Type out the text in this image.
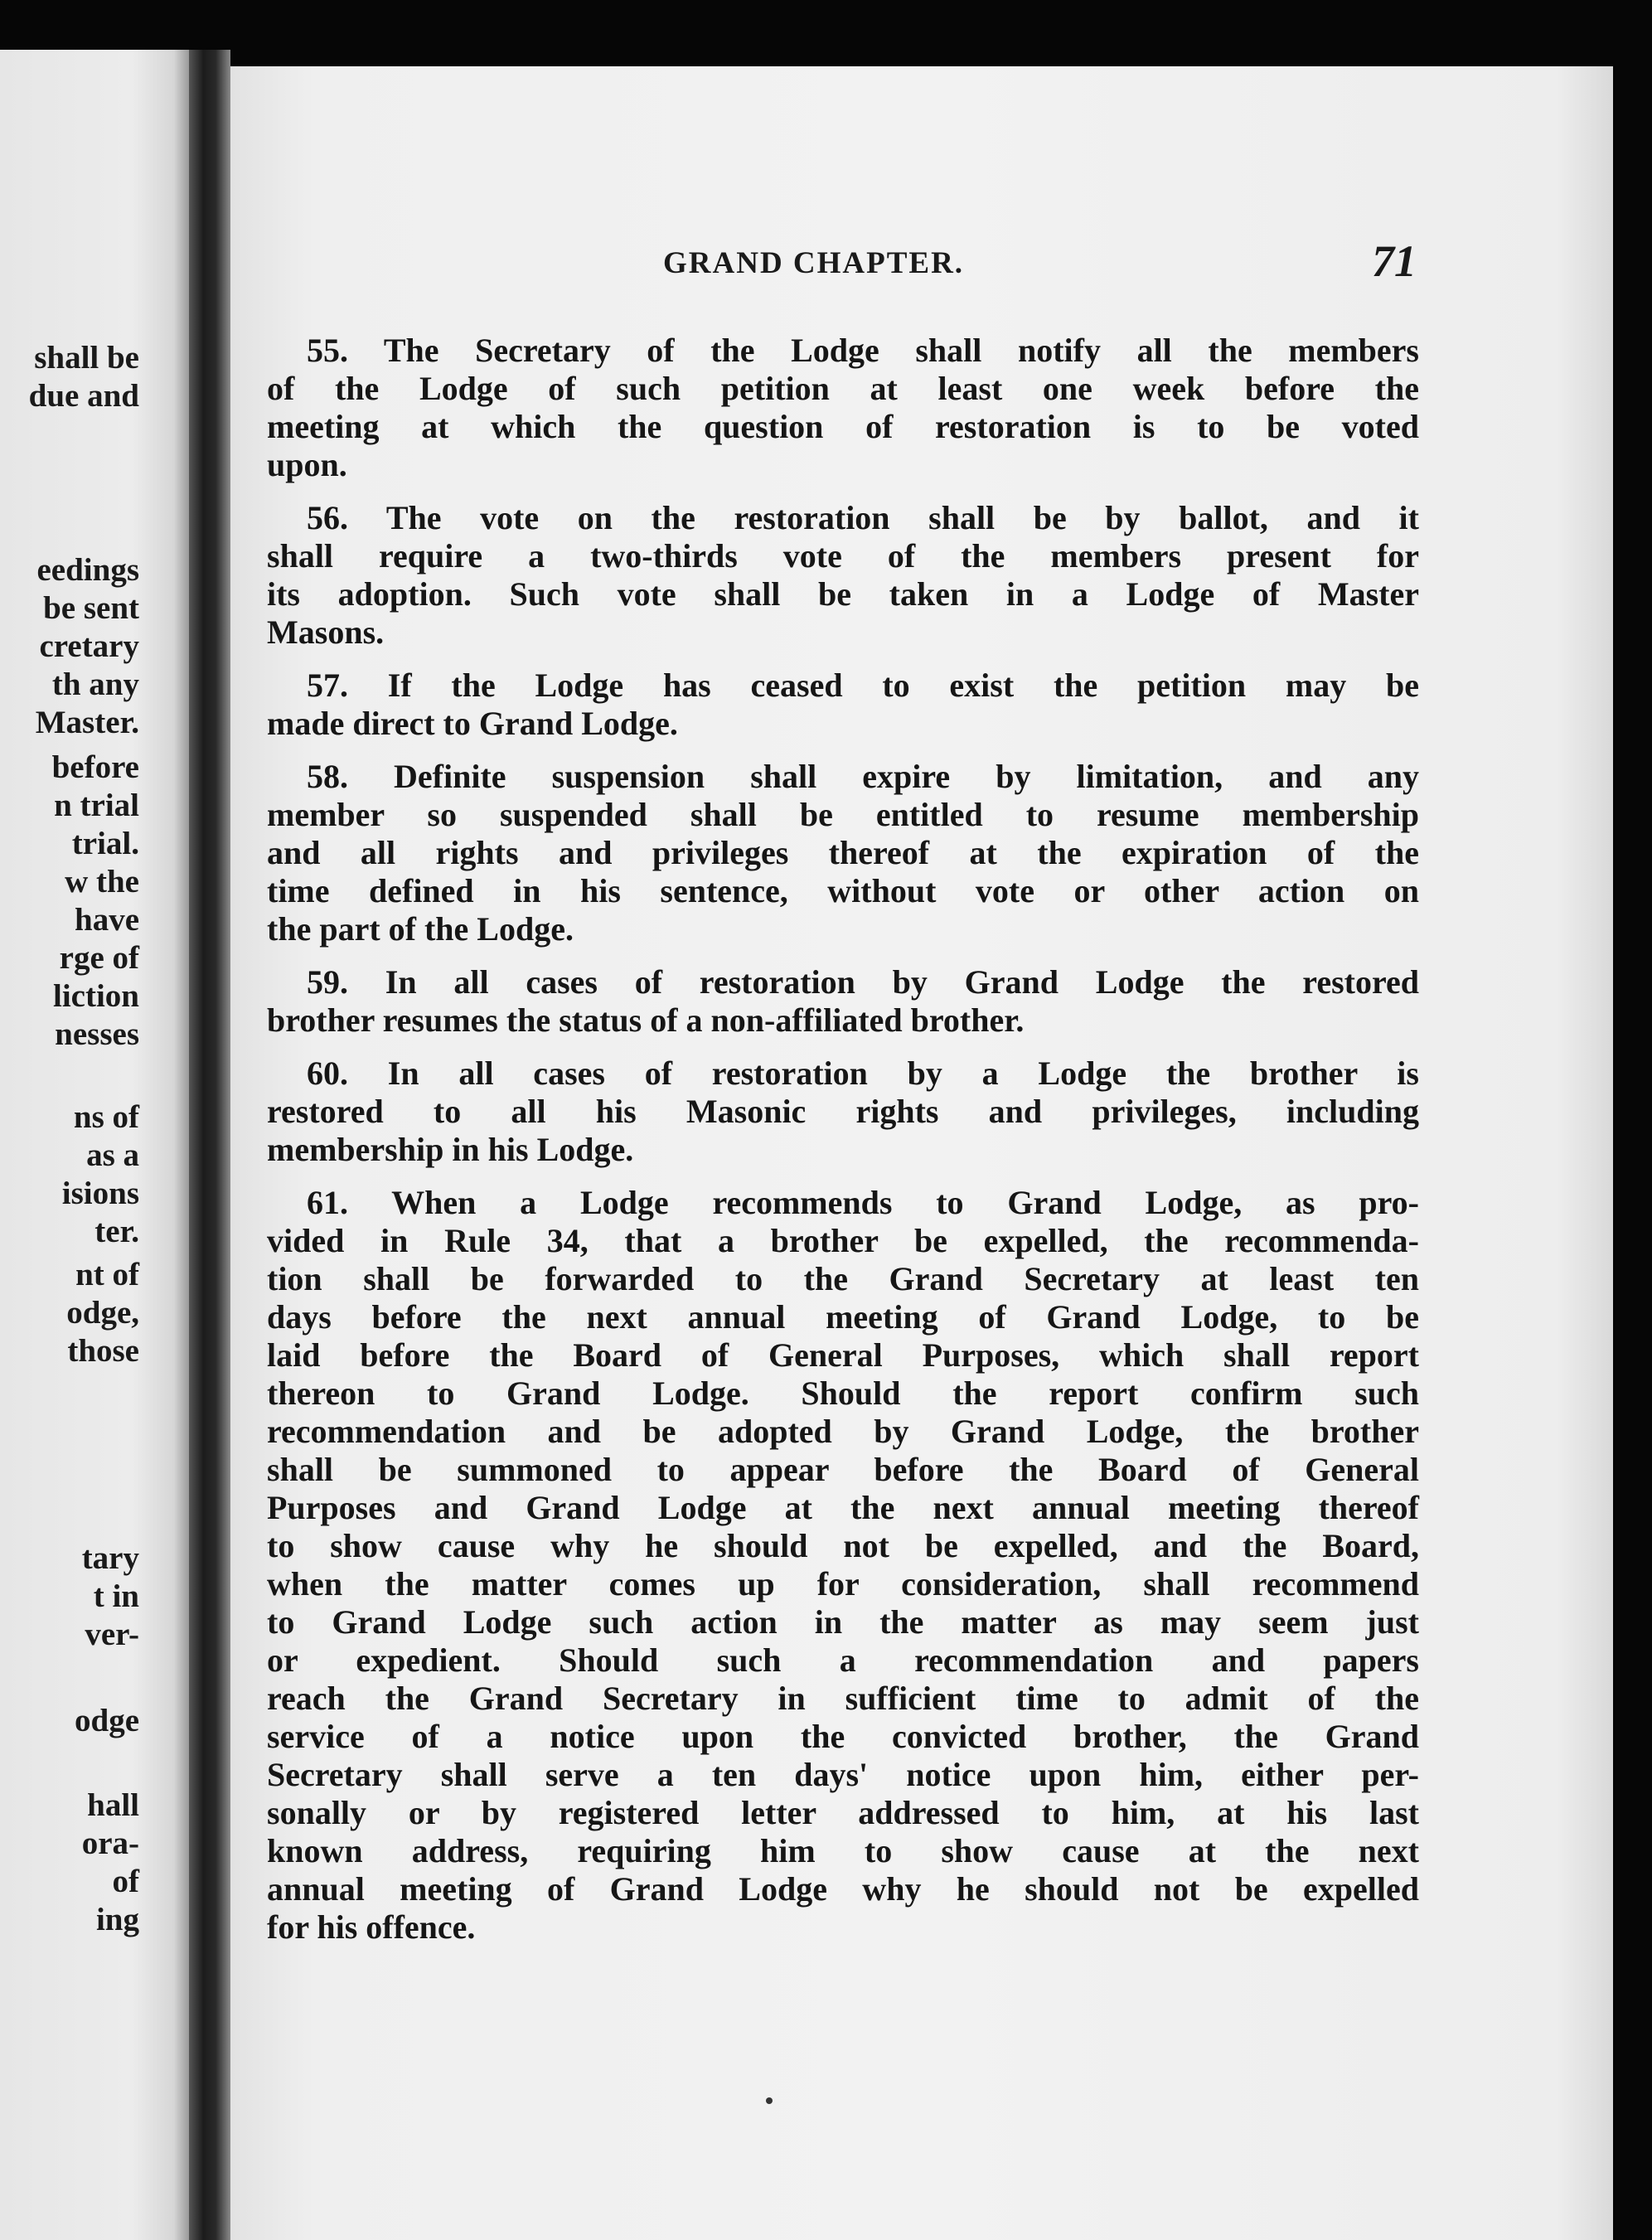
shall be
due and
eedings
be sent
cretary
th any
Master.
before
n trial
trial.
w the
have
rge of
liction
nesses
ns of
as a
isions
ter.
nt of
odge,
those
tary
t in
ver-
odge
hall
ora-
of
ing
GRAND CHAPTER.	71
55. The Secretary of the Lodge shall notify all the members
of the Lodge of such petition at least one week before the
meeting at which the question of restoration is to be voted
upon.
56. The vote on the restoration shall be by ballot, and it
shall require a two-thirds vote of the members present for
its adoption. Such vote shall be taken in a Lodge of Master
Masons.
57. If the Lodge has ceased to exist the petition may be
made direct to Grand Lodge.
58. Definite suspension shall expire by limitation, and any
member so suspended shall be entitled to resume membership
and all rights and privileges thereof at the expiration of the
time defined in his sentence, without vote or other action on
the part of the Lodge.
59. In all cases of restoration by Grand Lodge the restored
brother resumes the status of a non-affiliated brother.
60. In all cases of restoration by a Lodge the brother is
restored to all his Masonic rights and privileges, including
membership in his Lodge.
61. When a Lodge recommends to Grand Lodge, as pro-
vided in Rule 34, that a brother be expelled, the recommenda-
tion shall be forwarded to the Grand Secretary at least ten
days before the next annual meeting of Grand Lodge, to be
laid before the Board of General Purposes, which shall report
thereon to Grand Lodge. Should the report confirm such
recommendation and be adopted by Grand Lodge, the brother
shall be summoned to appear before the Board of General
Purposes and Grand Lodge at the next annual meeting thereof
to show cause why he should not be expelled, and the Board,
when the matter comes up for consideration, shall recommend
to Grand Lodge such action in the matter as may seem just
or expedient. Should such a recommendation and papers
reach the Grand Secretary in sufficient time to admit of the
service of a notice upon the convicted brother, the Grand
Secretary shall serve a ten days' notice upon him, either per-
sonally or by registered letter addressed to him, at his last
known address, requiring him to show cause at the next
annual meeting of Grand Lodge why he should not be expelled
for his offence.
